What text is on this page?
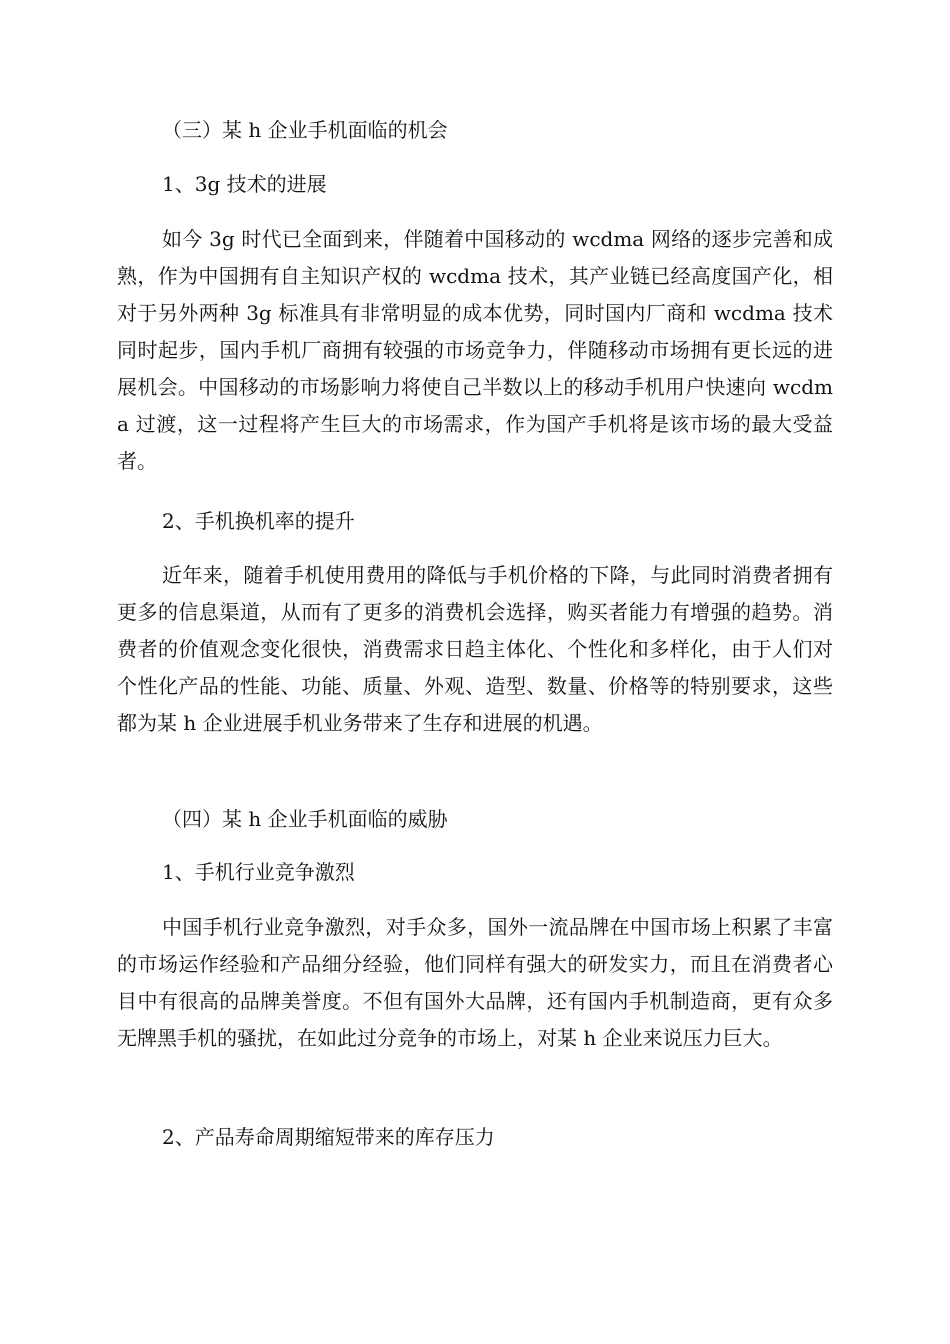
（三）某 h 企业手机面临的机会
1、3g 技术的进展

如今 3g 时代已全面到来，伴随着中国移动的 wcdma 网络的逐步完善和成熟，作为中国拥有自主知识产权的 wcdma 技术，其产业链已经高度国产化，相对于另外两种 3g 标准具有非常明显的成本优势，同时国内厂商和 wcdma 技术同时起步，国内手机厂商拥有较强的市场竞争力，伴随移动市场拥有更长远的进展机会。中国移动的市场影响力将使自己半数以上的移动手机用户快速向 wcdma 过渡，这一过程将产生巨大的市场需求，作为国产手机将是该市场的最大受益者。

2、手机换机率的提升

近年来，随着手机使用费用的降低与手机价格的下降，与此同时消费者拥有更多的信息渠道，从而有了更多的消费机会选择，购买者能力有增强的趋势。消费者的价值观念变化很快，消费需求日趋主体化、个性化和多样化，由于人们对个性化产品的性能、功能、质量、外观、造型、数量、价格等的特别要求，这些都为某 h 企业进展手机业务带来了生存和进展的机遇。

（四）某 h 企业手机面临的威胁
1、手机行业竞争激烈

中国手机行业竞争激烈，对手众多，国外一流品牌在中国市场上积累了丰富的市场运作经验和产品细分经验，他们同样有强大的研发实力，而且在消费者心目中有很高的品牌美誉度。不但有国外大品牌，还有国内手机制造商，更有众多无牌黑手机的骚扰，在如此过分竞争的市场上，对某 h 企业来说压力巨大。

2、产品寿命周期缩短带来的库存压力
